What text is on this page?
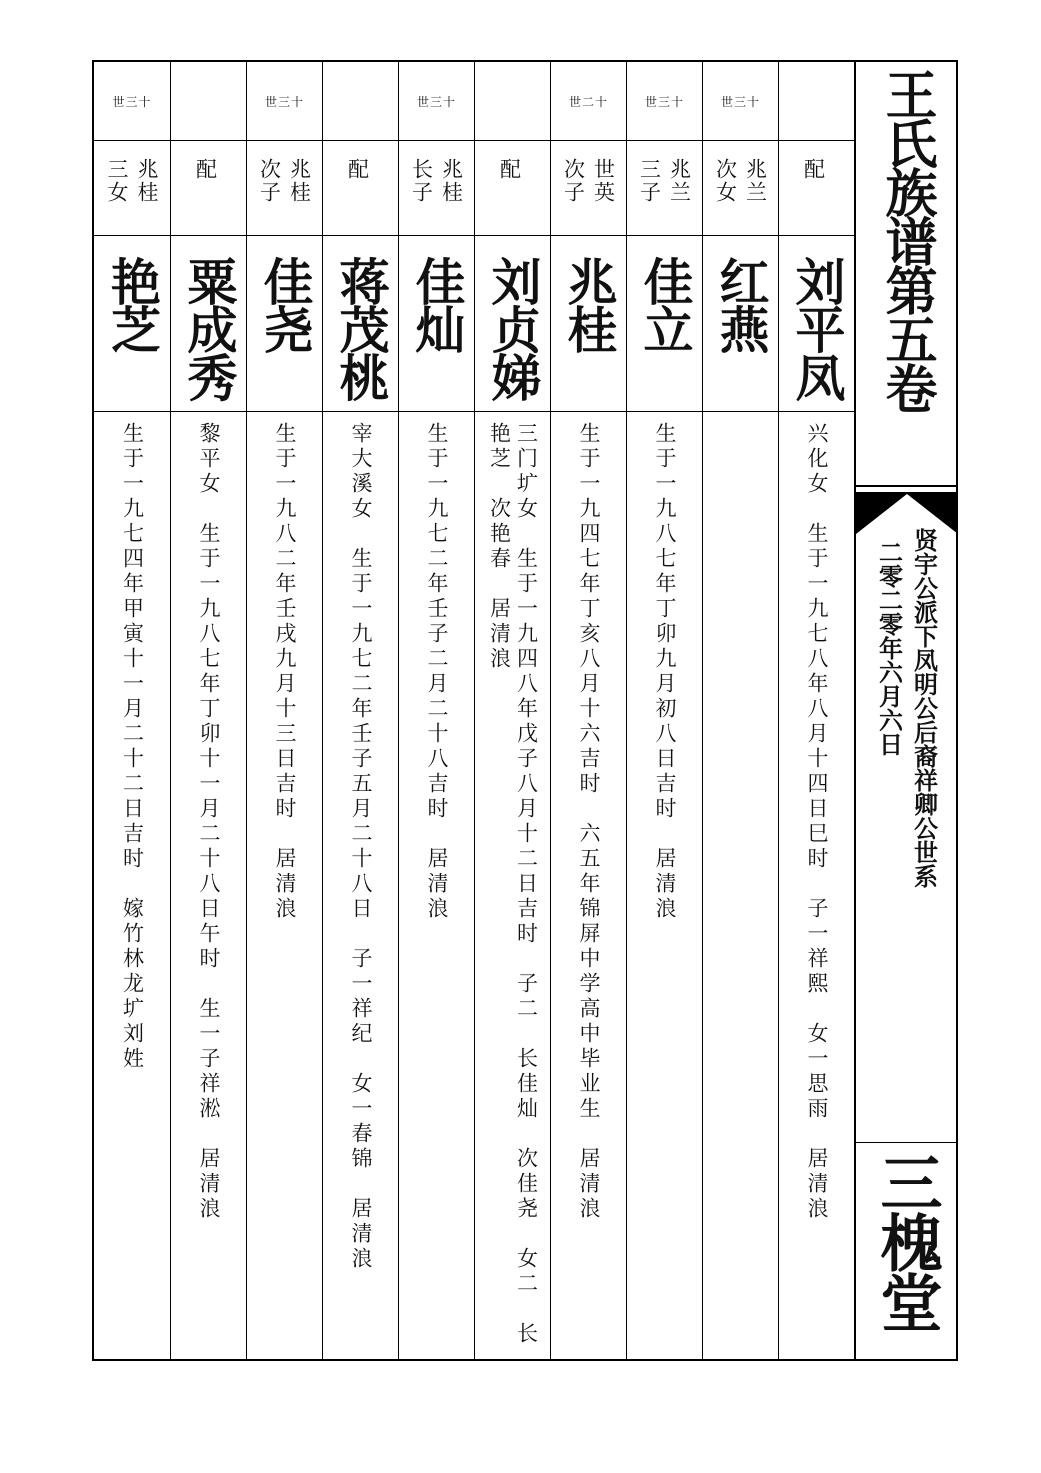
世三十
兆桂
三女
艳芝
生于一九七四年甲寅十一月二十二日吉时　嫁竹林龙圹刘姓
配
粟成秀
黎平女　生于一九八七年丁卯十一月二十八日午时　生一子祥淞　居清浪
世三十
兆桂
次子
佳尧
生于一九八二年壬戌九月十三日吉时　居清浪
配
蒋茂桃
宰大溪女　生于一九七二年壬子五月二十八日　子一祥纪　女一春锦　居清浪
世三十
兆桂
长子
佳灿
生于一九七二年壬子二月二十八吉时　居清浪
配
刘贞娣
三门圹女　生于一九四八年戊子八月十二日吉时　子二　长佳灿　次佳尧　女二　长艳芝　次艳春　居清浪
世二十
世英
次子
兆桂
生于一九四七年丁亥八月十六吉时　六五年锦屏中学高中毕业生　居清浪
世三十
兆兰
三子
佳立
生于一九八七年丁卯九月初八日吉时　居清浪
世三十
兆兰
次女
红燕
配
刘平凤
兴化女　生于一九七八年八月十四日巳时　子一祥熙　女一思雨　居清浪
王氏族谱第五卷
贤宇公派下凤明公后裔祥卿公世系
二零二零年六月六日
三槐堂
